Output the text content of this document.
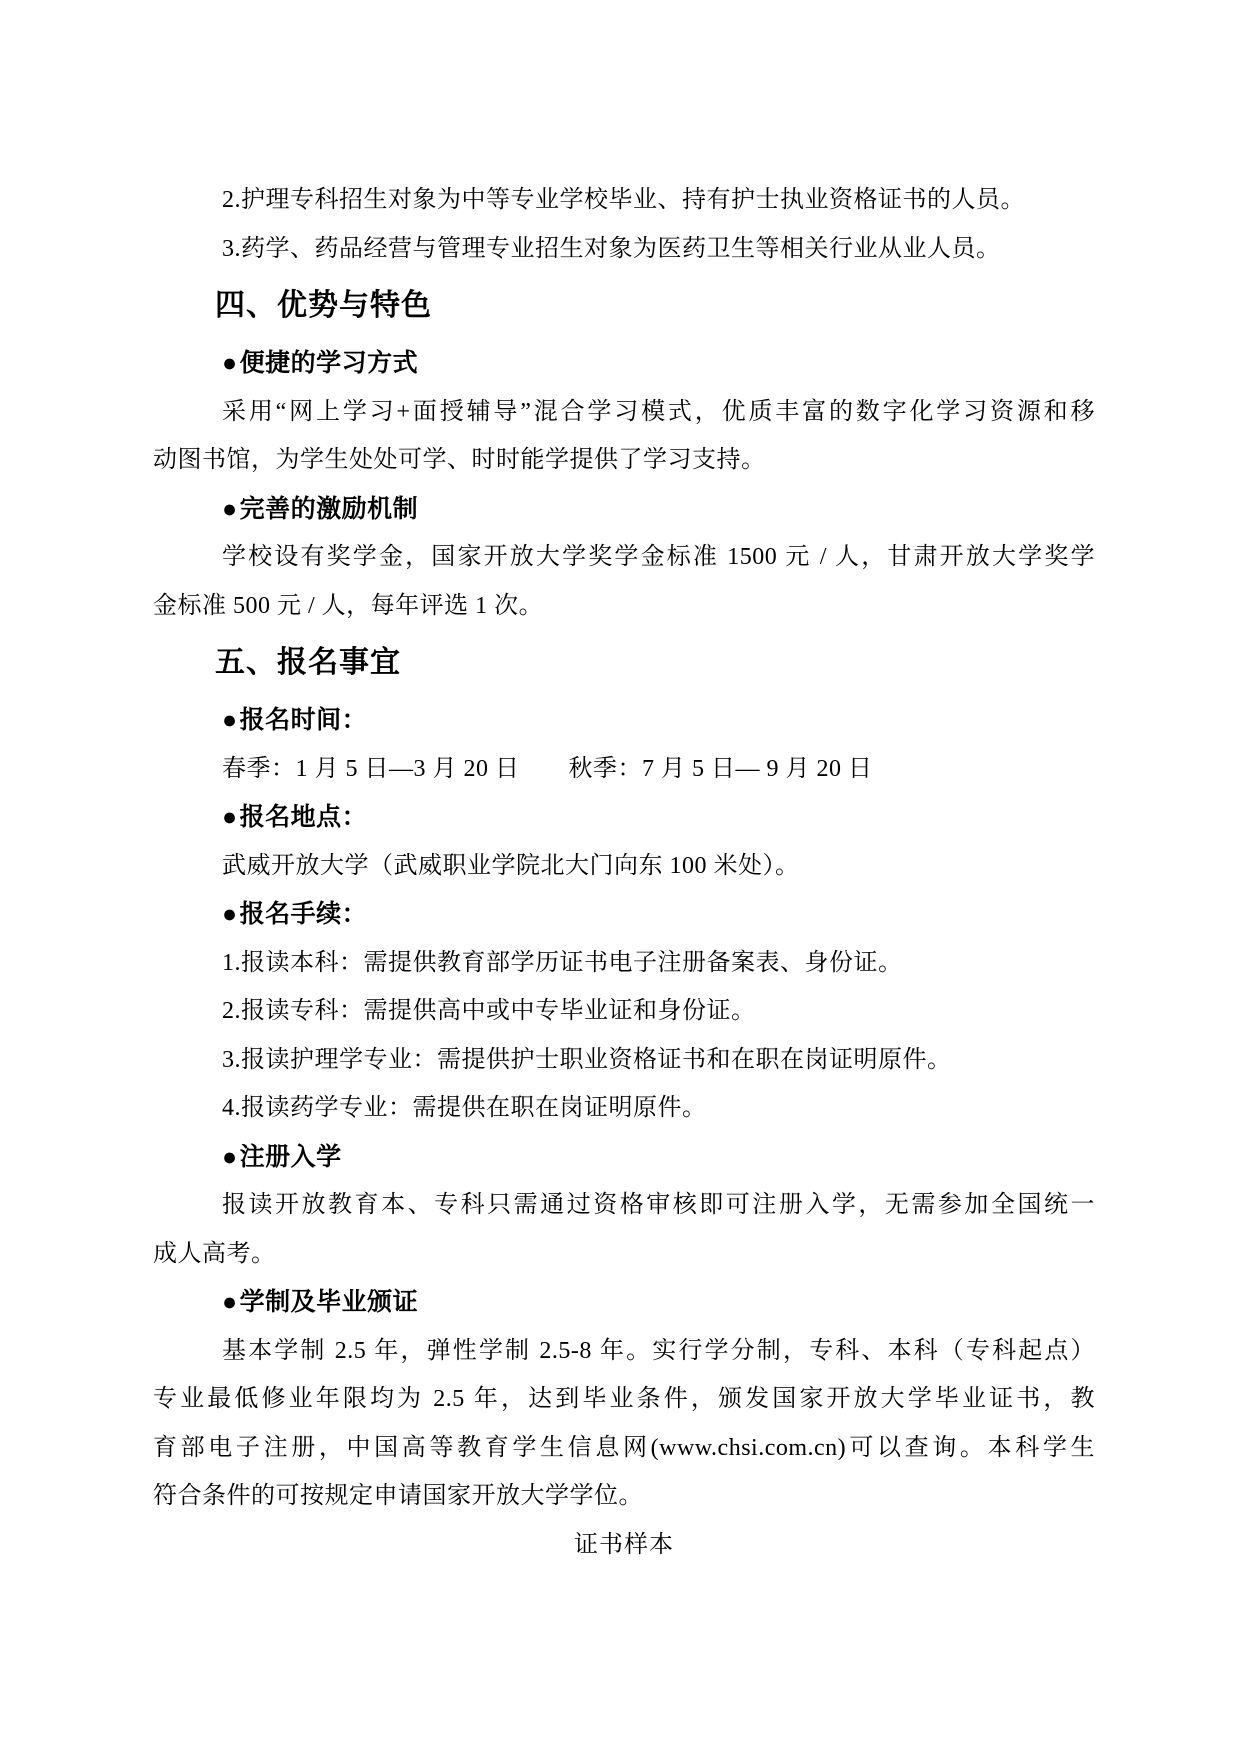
2.护理专科招生对象为中等专业学校毕业、持有护士执业资格证书的人员。
3.药学、药品经营与管理专业招生对象为医药卫生等相关行业从业人员。
四、优势与特色
●便捷的学习方式
采用“网上学习+面授辅导”混合学习模式，优质丰富的数字化学习资源和移
动图书馆，为学生处处可学、时时能学提供了学习支持。
●完善的激励机制
学校设有奖学金，国家开放大学奖学金标准 1500 元 / 人，甘肃开放大学奖学
金标准 500 元 / 人，每年评选 1 次。
五、报名事宜
●报名时间：
春季：1 月 5 日—3 月 20 日　　秋季：7 月 5 日— 9 月 20 日
●报名地点：
武威开放大学（武威职业学院北大门向东 100 米处）。
●报名手续：
1.报读本科：需提供教育部学历证书电子注册备案表、身份证。
2.报读专科：需提供高中或中专毕业证和身份证。
3.报读护理学专业：需提供护士职业资格证书和在职在岗证明原件。
4.报读药学专业：需提供在职在岗证明原件。
●注册入学
报读开放教育本、专科只需通过资格审核即可注册入学，无需参加全国统一
成人高考。
●学制及毕业颁证
基本学制 2.5 年，弹性学制 2.5-8 年。实行学分制，专科、本科（专科起点）
专业最低修业年限均为 2.5 年，达到毕业条件，颁发国家开放大学毕业证书，教
育部电子注册，中国高等教育学生信息网(www.chsi.com.cn)可以查询。本科学生
符合条件的可按规定申请国家开放大学学位。
证书样本
